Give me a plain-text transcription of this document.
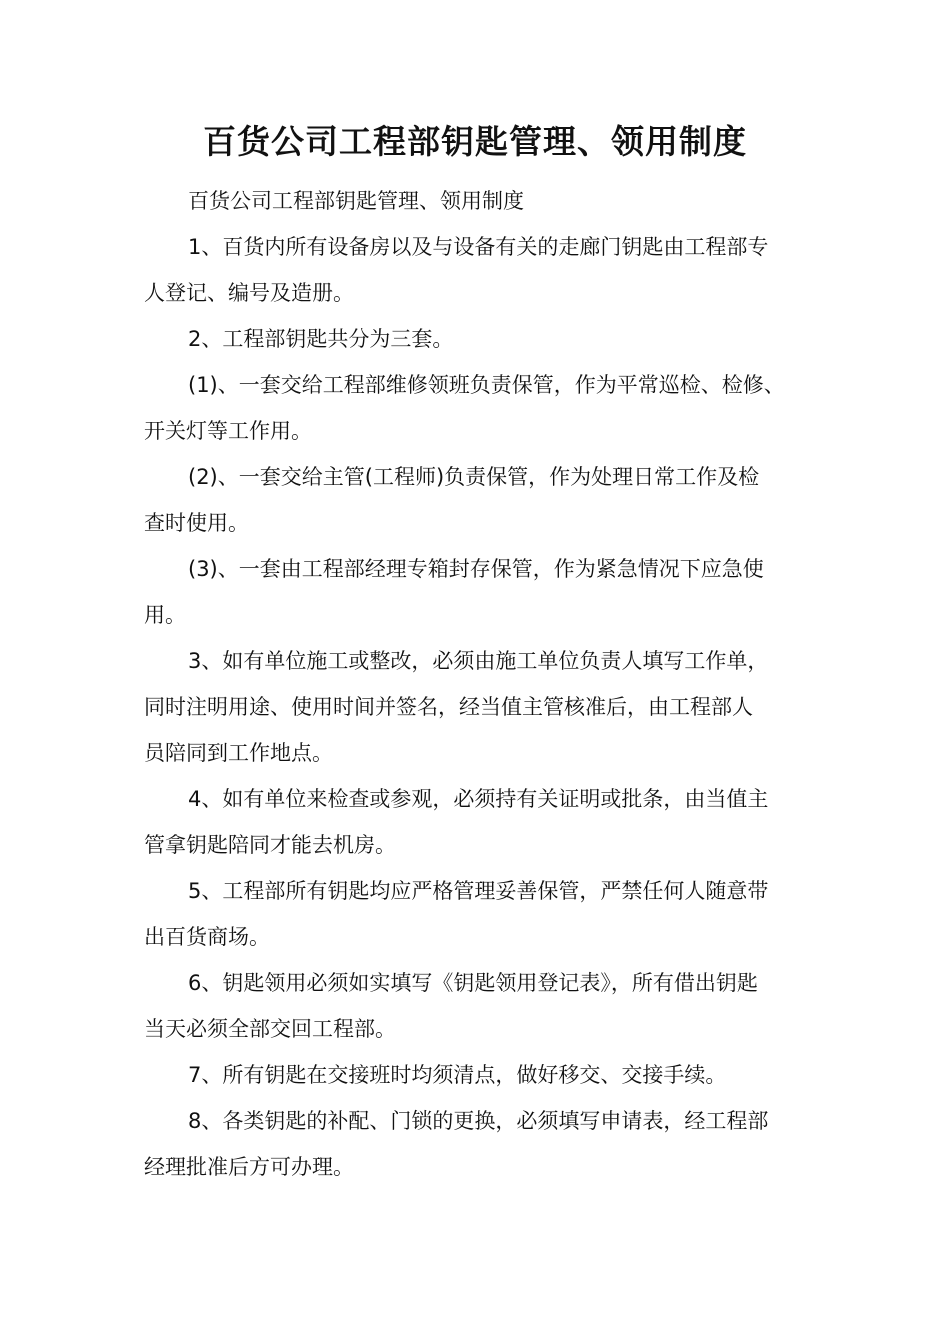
百货公司工程部钥匙管理、领用制度

百货公司工程部钥匙管理、领用制度

1、百货内所有设备房以及与设备有关的走廊门钥匙由工程部专
人登记、编号及造册。

2、工程部钥匙共分为三套。

(1)、一套交给工程部维修领班负责保管，作为平常巡检、检修、
开关灯等工作用。

(2)、一套交给主管(工程师)负责保管，作为处理日常工作及检
查时使用。

(3)、一套由工程部经理专箱封存保管，作为紧急情况下应急使
用。

3、如有单位施工或整改，必须由施工单位负责人填写工作单，
同时注明用途、使用时间并签名，经当值主管核准后，由工程部人
员陪同到工作地点。

4、如有单位来检查或参观，必须持有关证明或批条，由当值主
管拿钥匙陪同才能去机房。

5、工程部所有钥匙均应严格管理妥善保管，严禁任何人随意带
出百货商场。

6、钥匙领用必须如实填写《钥匙领用登记表》，所有借出钥匙
当天必须全部交回工程部。

7、所有钥匙在交接班时均须清点，做好移交、交接手续。

8、各类钥匙的补配、门锁的更换，必须填写申请表，经工程部
经理批准后方可办理。
